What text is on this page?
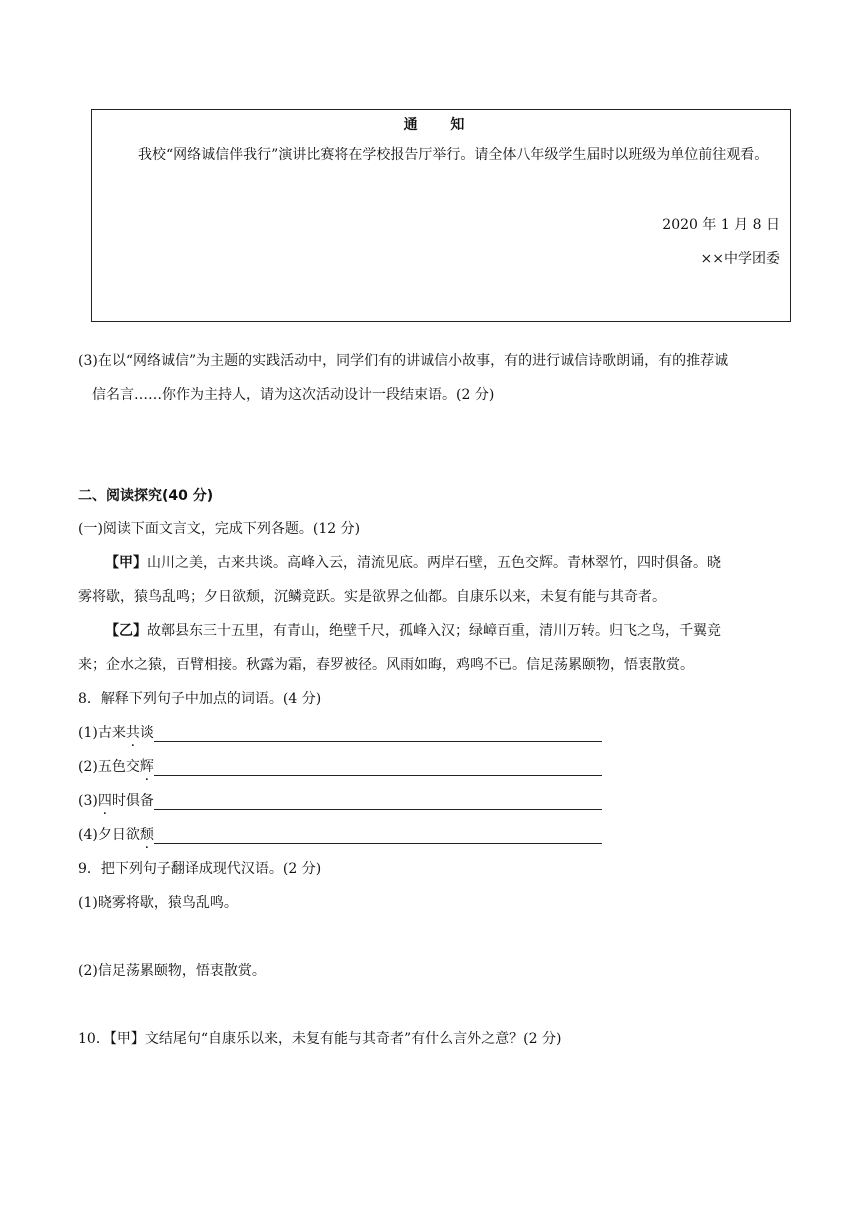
通 知
我校“网络诚信伴我行”演讲比赛将在学校报告厅举行。请全体八年级学生届时以班级为单位前往观看。
2020 年 1 月 8 日
××中学团委
(3)在以“网络诚信”为主题的实践活动中，同学们有的讲诚信小故事，有的进行诚信诗歌朗诵，有的推荐诚
信名言……你作为主持人，请为这次活动设计一段结束语。(2 分)
二、阅读探究(40 分)
(一)阅读下面文言文，完成下列各题。(12 分)
【甲】山川之美，古来共谈。高峰入云，清流见底。两岸石壁，五色交辉。青林翠竹，四时俱备。晓
雾将歇，猿鸟乱鸣；夕日欲颓，沉鳞竞跃。实是欲界之仙都。自康乐以来，未复有能与其奇者。
【乙】故鄣县东三十五里，有青山，绝壁千尺，孤峰入汉；绿嶂百重，清川万转。归飞之鸟，千翼竞
来；企水之猿，百臂相接。秋露为霜，春罗被径。风雨如晦，鸡鸣不已。信足荡累颐物，悟衷散赏。
8．解释下列句子中加点的词语。(4 分)
(1)古来共谈
(2)五色交辉
(3)四时俱备
(4)夕日欲颓
9．把下列句子翻译成现代汉语。(2 分)
(1)晓雾将歇，猿鸟乱鸣。
(2)信足荡累颐物，悟衷散赏。
10．【甲】文结尾句“自康乐以来，未复有能与其奇者”有什么言外之意？(2 分)
